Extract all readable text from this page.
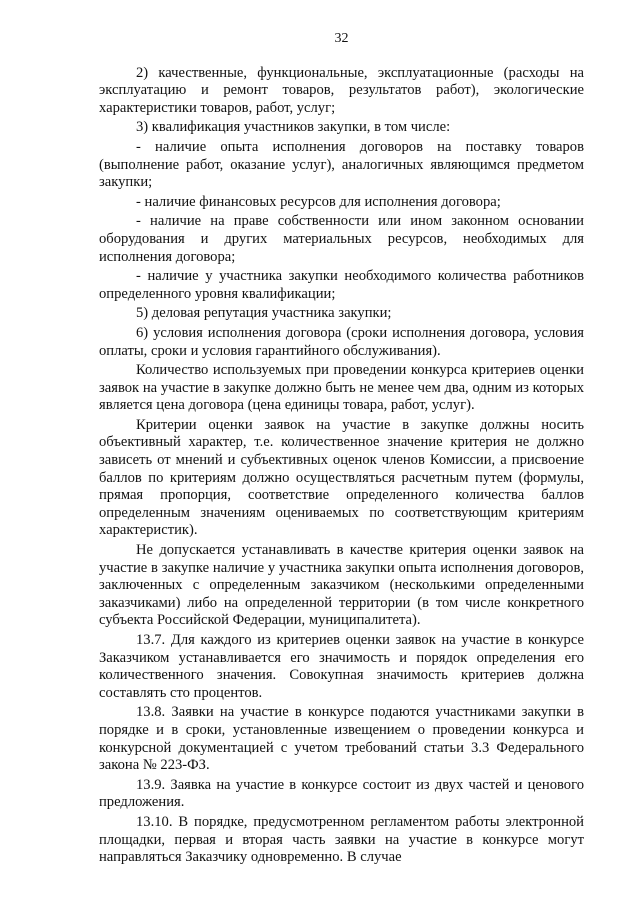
32

2) качественные, функциональные, эксплуатационные (расходы на эксплуатацию и ремонт товаров, результатов работ), экологические характеристики товаров, работ, услуг;

3) квалификация участников закупки, в том числе:

- наличие опыта исполнения договоров на поставку товаров (выполнение работ, оказание услуг), аналогичных являющимся предметом закупки;

- наличие финансовых ресурсов для исполнения договора;

- наличие на праве собственности или ином законном основании оборудования и других материальных ресурсов, необходимых для исполнения договора;

- наличие у участника закупки необходимого количества работников определенного уровня квалификации;

5) деловая репутация участника закупки;

6) условия исполнения договора (сроки исполнения договора, условия оплаты, сроки и условия гарантийного обслуживания).

Количество используемых при проведении конкурса критериев оценки заявок на участие в закупке должно быть не менее чем два, одним из которых является цена договора (цена единицы товара, работ, услуг).

Критерии оценки заявок на участие в закупке должны носить объективный характер, т.е. количественное значение критерия не должно зависеть от мнений и субъективных оценок членов Комиссии, а присвоение баллов по критериям должно осуществляться расчетным путем (формулы, прямая пропорция, соответствие определенного количества баллов определенным значениям оцениваемых по соответствующим критериям характеристик).

Не допускается устанавливать в качестве критерия оценки заявок на участие в закупке наличие у участника закупки опыта исполнения договоров, заключенных с определенным заказчиком (несколькими определенными заказчиками) либо на определенной территории (в том числе конкретного субъекта Российской Федерации, муниципалитета).

13.7. Для каждого из критериев оценки заявок на участие в конкурсе Заказчиком устанавливается его значимость и порядок определения его количественного значения. Совокупная значимость критериев должна составлять сто процентов.

13.8. Заявки на участие в конкурсе подаются участниками закупки в порядке и в сроки, установленные извещением о проведении конкурса и конкурсной документацией с учетом требований статьи 3.3 Федерального закона № 223-ФЗ.

13.9. Заявка на участие в конкурсе состоит из двух частей и ценового предложения.

13.10. В порядке, предусмотренном регламентом работы электронной площадки, первая и вторая часть заявки на участие в конкурсе могут направляться Заказчику одновременно. В случае
